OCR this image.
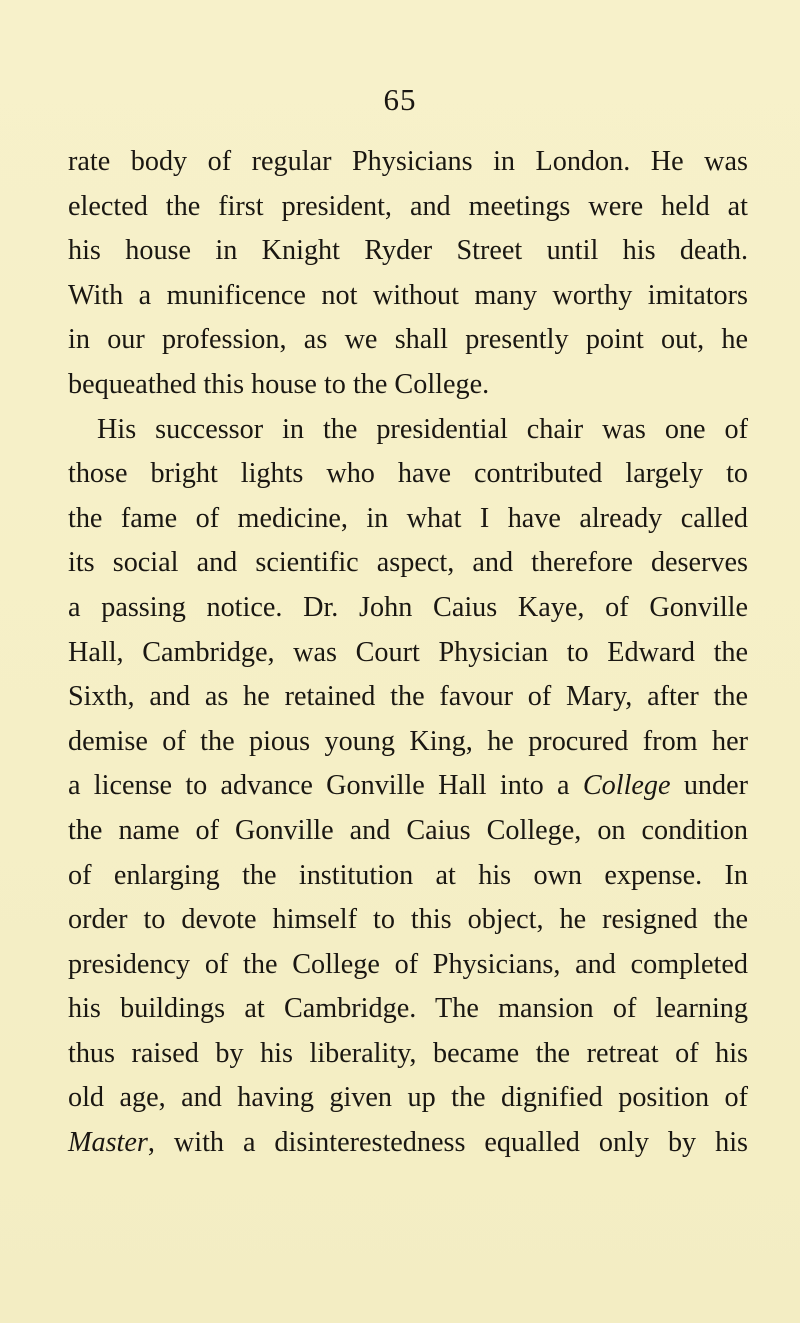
65
rate body of regular Physicians in London. He was
elected the first president, and meetings were held at
his house in Knight Ryder Street until his death.
With a munificence not without many worthy imitators
in our profession, as we shall presently point out, he
bequeathed this house to the College.
His successor in the presidential chair was one of
those bright lights who have contributed largely to
the fame of medicine, in what I have already called
its social and scientific aspect, and therefore deserves
a passing notice. Dr. John Caius Kaye, of Gonville
Hall, Cambridge, was Court Physician to Edward the
Sixth, and as he retained the favour of Mary, after the
demise of the pious young King, he procured from her
a license to advance Gonville Hall into a College under
the name of Gonville and Caius College, on condition
of enlarging the institution at his own expense. In
order to devote himself to this object, he resigned the
presidency of the College of Physicians, and completed
his buildings at Cambridge. The mansion of learning
thus raised by his liberality, became the retreat of his
old age, and having given up the dignified position of
Master, with a disinterestedness equalled only by his
